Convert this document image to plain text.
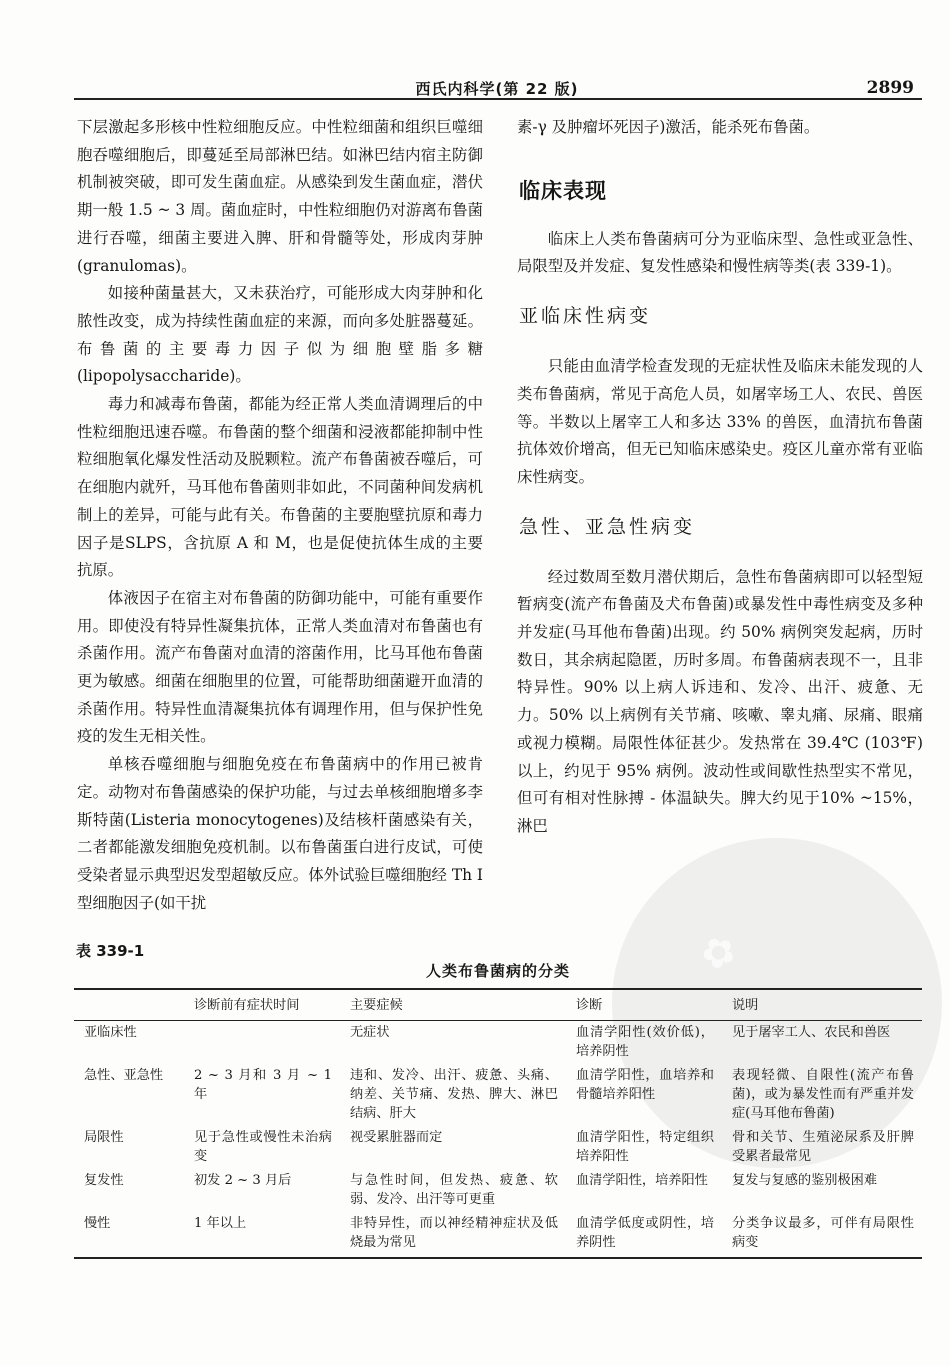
✿
西氏内科学(第 22 版)	2899

下层激起多形核中性粒细胞反应。中性粒细菌和组织巨噬细胞吞噬细胞后，即蔓延至局部淋巴结。如淋巴结内宿主防御机制被突破，即可发生菌血症。从感染到发生菌血症，潜伏期一般 1.5 ~ 3 周。菌血症时，中性粒细胞仍对游离布鲁菌进行吞噬，细菌主要进入脾、肝和骨髓等处，形成肉芽肿(granulomas)。

如接种菌量甚大，又未获治疗，可能形成大肉芽肿和化脓性改变，成为持续性菌血症的来源，而向多处脏器蔓延。布鲁菌的主要毒力因子似为细胞壁脂多糖(lipopolysaccharide)。

毒力和减毒布鲁菌，都能为经正常人类血清调理后的中性粒细胞迅速吞噬。布鲁菌的整个细菌和浸液都能抑制中性粒细胞氧化爆发性活动及脱颗粒。流产布鲁菌被吞噬后，可在细胞内就歼，马耳他布鲁菌则非如此，不同菌种间发病机制上的差异，可能与此有关。布鲁菌的主要胞壁抗原和毒力因子是SLPS，含抗原 A 和 M，也是促使抗体生成的主要抗原。

体液因子在宿主对布鲁菌的防御功能中，可能有重要作用。即使没有特异性凝集抗体，正常人类血清对布鲁菌也有杀菌作用。流产布鲁菌对血清的溶菌作用，比马耳他布鲁菌更为敏感。细菌在细胞里的位置，可能帮助细菌避开血清的杀菌作用。特异性血清凝集抗体有调理作用，但与保护性免疫的发生无相关性。

单核吞噬细胞与细胞免疫在布鲁菌病中的作用已被肯定。动物对布鲁菌感染的保护功能，与过去单核细胞增多李斯特菌(Listeria monocytogenes)及结核杆菌感染有关，二者都能激发细胞免疫机制。以布鲁菌蛋白进行皮试，可使受染者显示典型迟发型超敏反应。体外试验巨噬细胞经 Th Ⅰ型细胞因子(如干扰

素-γ 及肿瘤坏死因子)激活，能杀死布鲁菌。

临床表现

临床上人类布鲁菌病可分为亚临床型、急性或亚急性、局限型及并发症、复发性感染和慢性病等类(表 339-1)。

亚临床性病变

只能由血清学检查发现的无症状性及临床未能发现的人类布鲁菌病，常见于高危人员，如屠宰场工人、农民、兽医等。半数以上屠宰工人和多达 33% 的兽医，血清抗布鲁菌抗体效价增高，但无已知临床感染史。疫区儿童亦常有亚临床性病变。

急性、亚急性病变

经过数周至数月潜伏期后，急性布鲁菌病即可以轻型短暂病变(流产布鲁菌及犬布鲁菌)或暴发性中毒性病变及多种并发症(马耳他布鲁菌)出现。约 50% 病例突发起病，历时数日，其余病起隐匿，历时多周。布鲁菌病表现不一，且非特异性。90% 以上病人诉违和、发冷、出汗、疲惫、无力。50% 以上病例有关节痛、咳嗽、睾丸痛、尿痛、眼痛或视力模糊。局限性体征甚少。发热常在 39.4℃ (103℉) 以上，约见于 95% 病例。波动性或间歇性热型实不常见，但可有相对性脉搏 - 体温缺失。脾大约见于10% ~15%，淋巴

表 339-1
人类布鲁菌病的分类
	诊断前有症状时间	主要症候	诊断	说明
亚临床性		无症状	血清学阳性(效价低)，培养阴性	见于屠宰工人、农民和兽医
急性、亚急性	2 ~ 3 月和 3 月 ~ 1 年	违和、发冷、出汗、疲惫、头痛、纳差、关节痛、发热、脾大、淋巴结病、肝大	血清学阳性，血培养和骨髓培养阳性	表现轻微、自限性(流产布鲁菌)，或为暴发性而有严重并发症(马耳他布鲁菌)
局限性	见于急性或慢性未治病变	视受累脏器而定	血清学阳性，特定组织培养阳性	骨和关节、生殖泌尿系及肝脾受累者最常见
复发性	初发 2 ~ 3 月后	与急性时间，但发热、疲惫、软弱、发冷、出汗等可更重	血清学阳性，培养阳性	复发与复感的鉴别极困难
慢性	1 年以上	非特异性，而以神经精神症状及低烧最为常见	血清学低度或阴性，培养阴性	分类争议最多，可伴有局限性病变
